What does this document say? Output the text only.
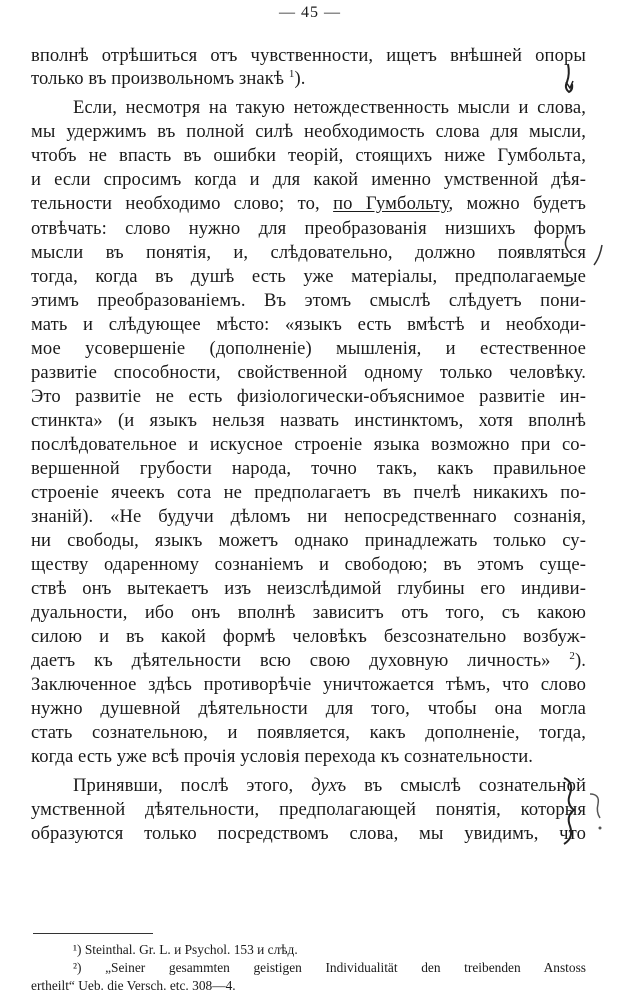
— 45 —
вполнѣ отрѣшиться отъ чувственности, ищетъ внѣшней опоры
только въ произвольномъ знакѣ $^1$).
Если, несмотря на такую нетождественность мысли и слова,
мы удержимъ въ полной силѣ необходимость слова для мысли,
чтобъ не впасть въ ошибки теорій, стоящихъ ниже Гумбольта,
и если спросимъ когда и для какой именно умственной дѣя-
тельности необходимо слово; то, по Гумбольту, можно будетъ
отвѣчать: слово нужно для преобразованія низшихъ формъ
мысли въ понятія, и, слѣдовательно, должно появляться
тогда, когда въ душѣ есть уже матеріалы, предполагаемые
этимъ преобразованіемъ. Въ этомъ смыслѣ слѣдуетъ пони-
мать и слѣдующее мѣсто: «языкъ есть вмѣстѣ и необходи-
мое усовершеніе (дополненіе) мышленія, и естественное
развитіе способности, свойственной одному только человѣку.
Это развитіе не есть физіологически-объяснимое развитіе ин-
стинкта» (и языкъ нельзя назвать инстинктомъ, хотя вполнѣ
послѣдовательное и искусное строеніе языка возможно при со-
вершенной грубости народа, точно такъ, какъ правильное
строеніе ячеекъ сота не предполагаетъ въ пчелѣ никакихъ по-
знаній). «Не будучи дѣломъ ни непосредственнаго сознанія,
ни свободы, языкъ можетъ однако принадлежать только су-
ществу одаренному сознаніемъ и свободою; въ этомъ суще-
ствѣ онъ вытекаетъ изъ неизслѣдимой глубины его индиви-
дуальности, ибо онъ вполнѣ зависитъ отъ того, съ какою
силою и въ какой формѣ человѣкъ безсознательно возбуж-
даетъ къ дѣятельности всю свою духовную личность» $^2$).
Заключенное здѣсь противорѣчіе уничтожается тѣмъ, что слово
нужно душевной дѣятельности для того, чтобы она могла
стать сознательною, и появляется, какъ дополненіе, тогда,
когда есть уже всѣ прочія условія перехода къ сознательности.
Принявши, послѣ этого, духъ въ смыслѣ сознательной
умственной дѣятельности, предполагающей понятія, которыя
образуются только посредствомъ слова, мы увидимъ, что
¹) Steinthal. Gr. L. и Psychol. 153 и слѣд.
²) „Seiner gesammten geistigen Individualität den treibenden Anstoss
ertheilt“ Ueb. die Versch. etc. 308—4.
